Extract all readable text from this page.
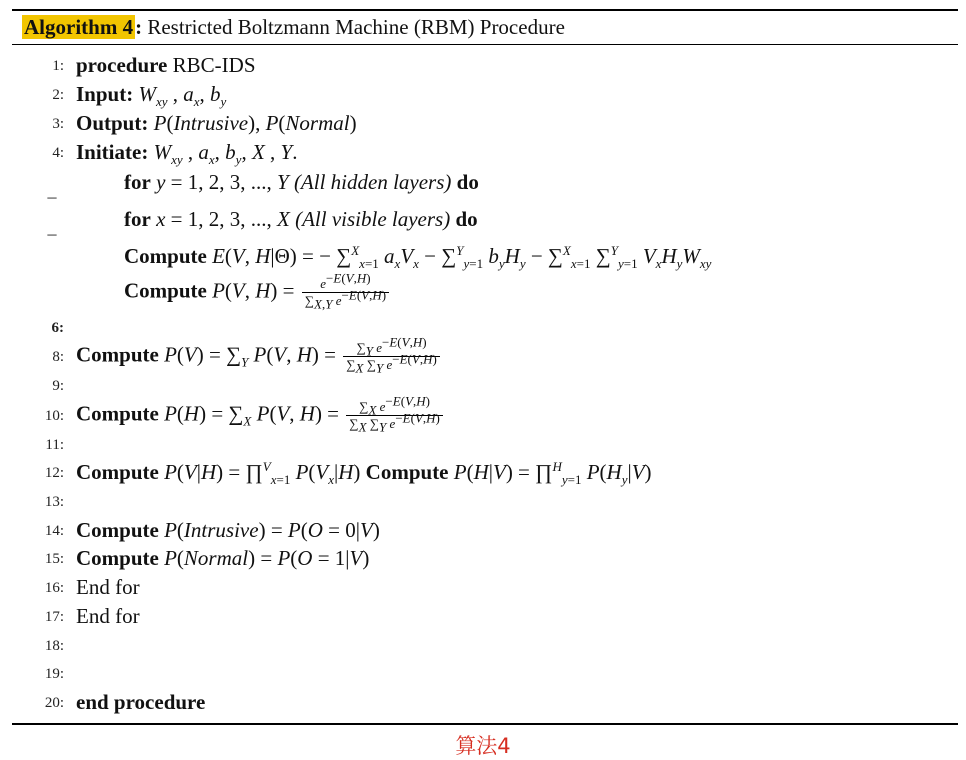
Algorithm 4: Restricted Boltzmann Machine (RBM) Procedure
1: procedure RBC-IDS
2: Input: $W_{xy}$ , $a_x$, $b_y$
3: Output: P(Intrusive), P(Normal)
4: Initiate: $W_{xy}$ , $a_x$, $b_y$, X , Y.
_	for y = 1, 2, 3, ..., Y (All hidden layers) do
_	for x = 1, 2, 3, ..., X (All visible layers) do
Compute E(V, H|Θ) = − ∑$^X_{x=1}$ $a_xV_x - \sum^Y_{y=1}$ $b_yH_y - \sum^X_{x=1}$ ∑$^Y_{y=1}$ $V_xH_yW_{xy}$
Compute P(V, $H) = \frac{e^{-E(V,H)}}{\sum_{X,Y} e^{-E(V,H)}}$
6:
8: Compute $P(V) = \sum_Y$ P(V, $H) = \frac{\sum_Y e^{-E(V,H)}}{\sum_X \sum_Y e^{-E(V,H)}}$
9:
10: Compute $P(H) = \sum_X$ P(V, $H) = \frac{\sum_X e^{-E(V,H)}}{\sum_X \sum_Y e^{-E(V,H)}}$
11:
12: Compute P(V|H) = ∏$^V_{x=1}$ $P(V_x|H)$ Compute P(H|V) = ∏$^H_{y=1}$ $P(H_y|V)$
13:
14: Compute P(Intrusive) = P(O = 0|V)
15: Compute P(Normal) = P(O = 1|V)
16: End for
17: End for
18:
19:
20: end procedure
算法4
